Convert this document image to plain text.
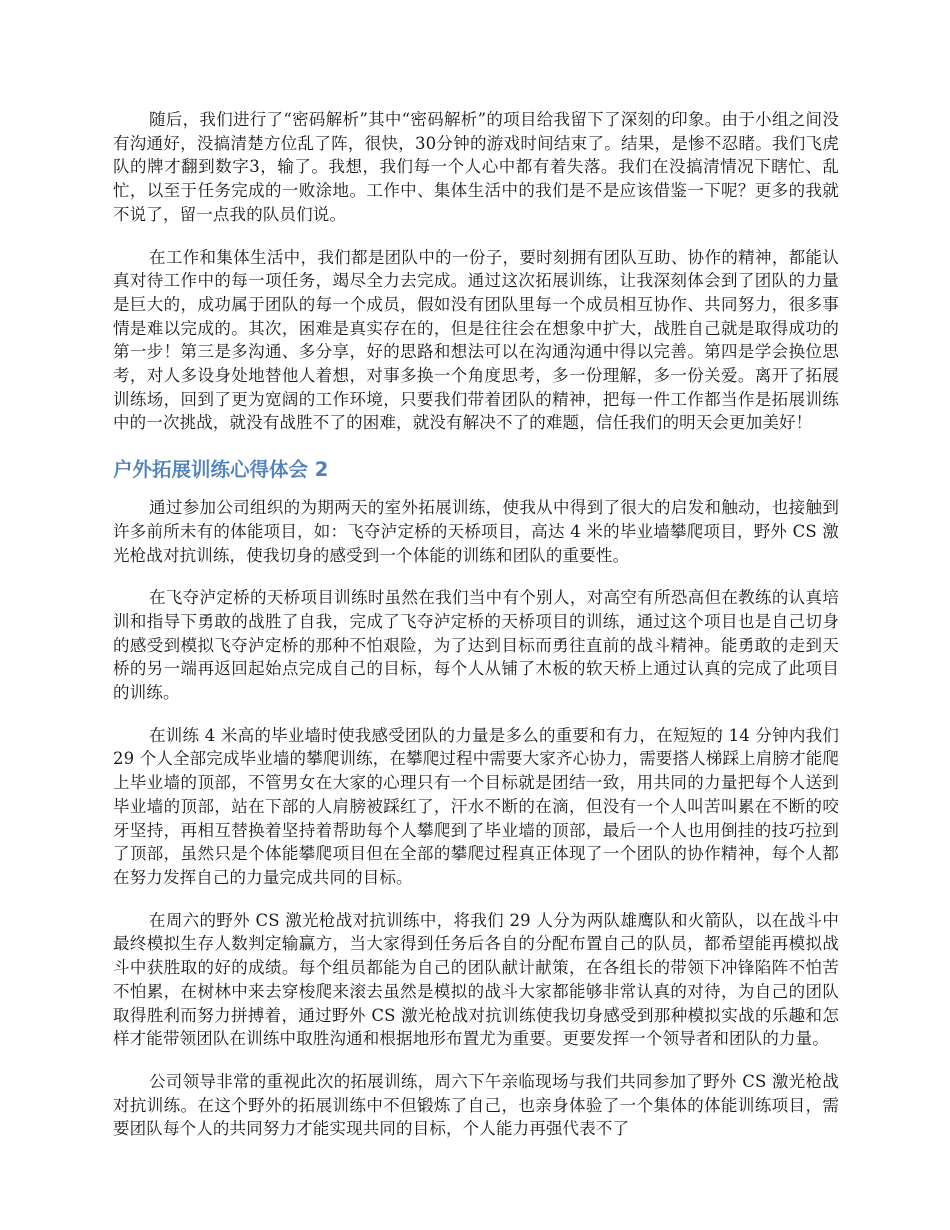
随后，我们进行了“密码解析”其中“密码解析”的项目给我留下了深刻的印象。由于小组之间没有沟通好，没搞清楚方位乱了阵，很快，30分钟的游戏时间结束了。结果，是惨不忍睹。我们飞虎队的牌才翻到数字3，输了。我想，我们每一个人心中都有着失落。我们在没搞清情况下瞎忙、乱忙，以至于任务完成的一败涂地。工作中、集体生活中的我们是不是应该借鉴一下呢？更多的我就不说了，留一点我的队员们说。

在工作和集体生活中，我们都是团队中的一份子，要时刻拥有团队互助、协作的精神，都能认真对待工作中的每一项任务，竭尽全力去完成。通过这次拓展训练，让我深刻体会到了团队的力量是巨大的，成功属于团队的每一个成员，假如没有团队里每一个成员相互协作、共同努力，很多事情是难以完成的。其次，困难是真实存在的，但是往往会在想象中扩大，战胜自己就是取得成功的第一步！第三是多沟通、多分享，好的思路和想法可以在沟通沟通中得以完善。第四是学会换位思考，对人多设身处地替他人着想，对事多换一个角度思考，多一份理解，多一份关爱。离开了拓展训练场，回到了更为宽阔的工作环境，只要我们带着团队的精神，把每一件工作都当作是拓展训练中的一次挑战，就没有战胜不了的困难，就没有解决不了的难题，信任我们的明天会更加美好！

户外拓展训练心得体会 2

通过参加公司组织的为期两天的室外拓展训练，使我从中得到了很大的启发和触动，也接触到许多前所未有的体能项目，如：飞夺泸定桥的天桥项目，高达 4 米的毕业墙攀爬项目，野外 CS 激光枪战对抗训练，使我切身的感受到一个体能的训练和团队的重要性。

在飞夺泸定桥的天桥项目训练时虽然在我们当中有个别人，对高空有所恐高但在教练的认真培训和指导下勇敢的战胜了自我，完成了飞夺泸定桥的天桥项目的训练，通过这个项目也是自己切身的感受到模拟飞夺泸定桥的那种不怕艰险，为了达到目标而勇往直前的战斗精神。能勇敢的走到天桥的另一端再返回起始点完成自己的目标，每个人从铺了木板的软天桥上通过认真的完成了此项目的训练。

在训练 4 米高的毕业墙时使我感受团队的力量是多么的重要和有力，在短短的 14 分钟内我们 29 个人全部完成毕业墙的攀爬训练，在攀爬过程中需要大家齐心协力，需要搭人梯踩上肩膀才能爬上毕业墙的顶部，不管男女在大家的心理只有一个目标就是团结一致，用共同的力量把每个人送到毕业墙的顶部，站在下部的人肩膀被踩红了，汗水不断的在滴，但没有一个人叫苦叫累在不断的咬牙坚持，再相互替换着坚持着帮助每个人攀爬到了毕业墙的顶部，最后一个人也用倒挂的技巧拉到了顶部，虽然只是个体能攀爬项目但在全部的攀爬过程真正体现了一个团队的协作精神，每个人都在努力发挥自己的力量完成共同的目标。

在周六的野外 CS 激光枪战对抗训练中，将我们 29 人分为两队雄鹰队和火箭队，以在战斗中最终模拟生存人数判定输赢方，当大家得到任务后各自的分配布置自己的队员，都希望能再模拟战斗中获胜取的好的成绩。每个组员都能为自己的团队献计献策，在各组长的带领下冲锋陷阵不怕苦不怕累，在树林中来去穿梭爬来滚去虽然是模拟的战斗大家都能够非常认真的对待，为自己的团队取得胜利而努力拼搏着，通过野外 CS 激光枪战对抗训练使我切身感受到那种模拟实战的乐趣和怎样才能带领团队在训练中取胜沟通和根据地形布置尤为重要。更要发挥一个领导者和团队的力量。

公司领导非常的重视此次的拓展训练，周六下午亲临现场与我们共同参加了野外 CS 激光枪战对抗训练。在这个野外的拓展训练中不但锻炼了自己，也亲身体验了一个集体的体能训练项目，需要团队每个人的共同努力才能实现共同的目标，个人能力再强代表不了
